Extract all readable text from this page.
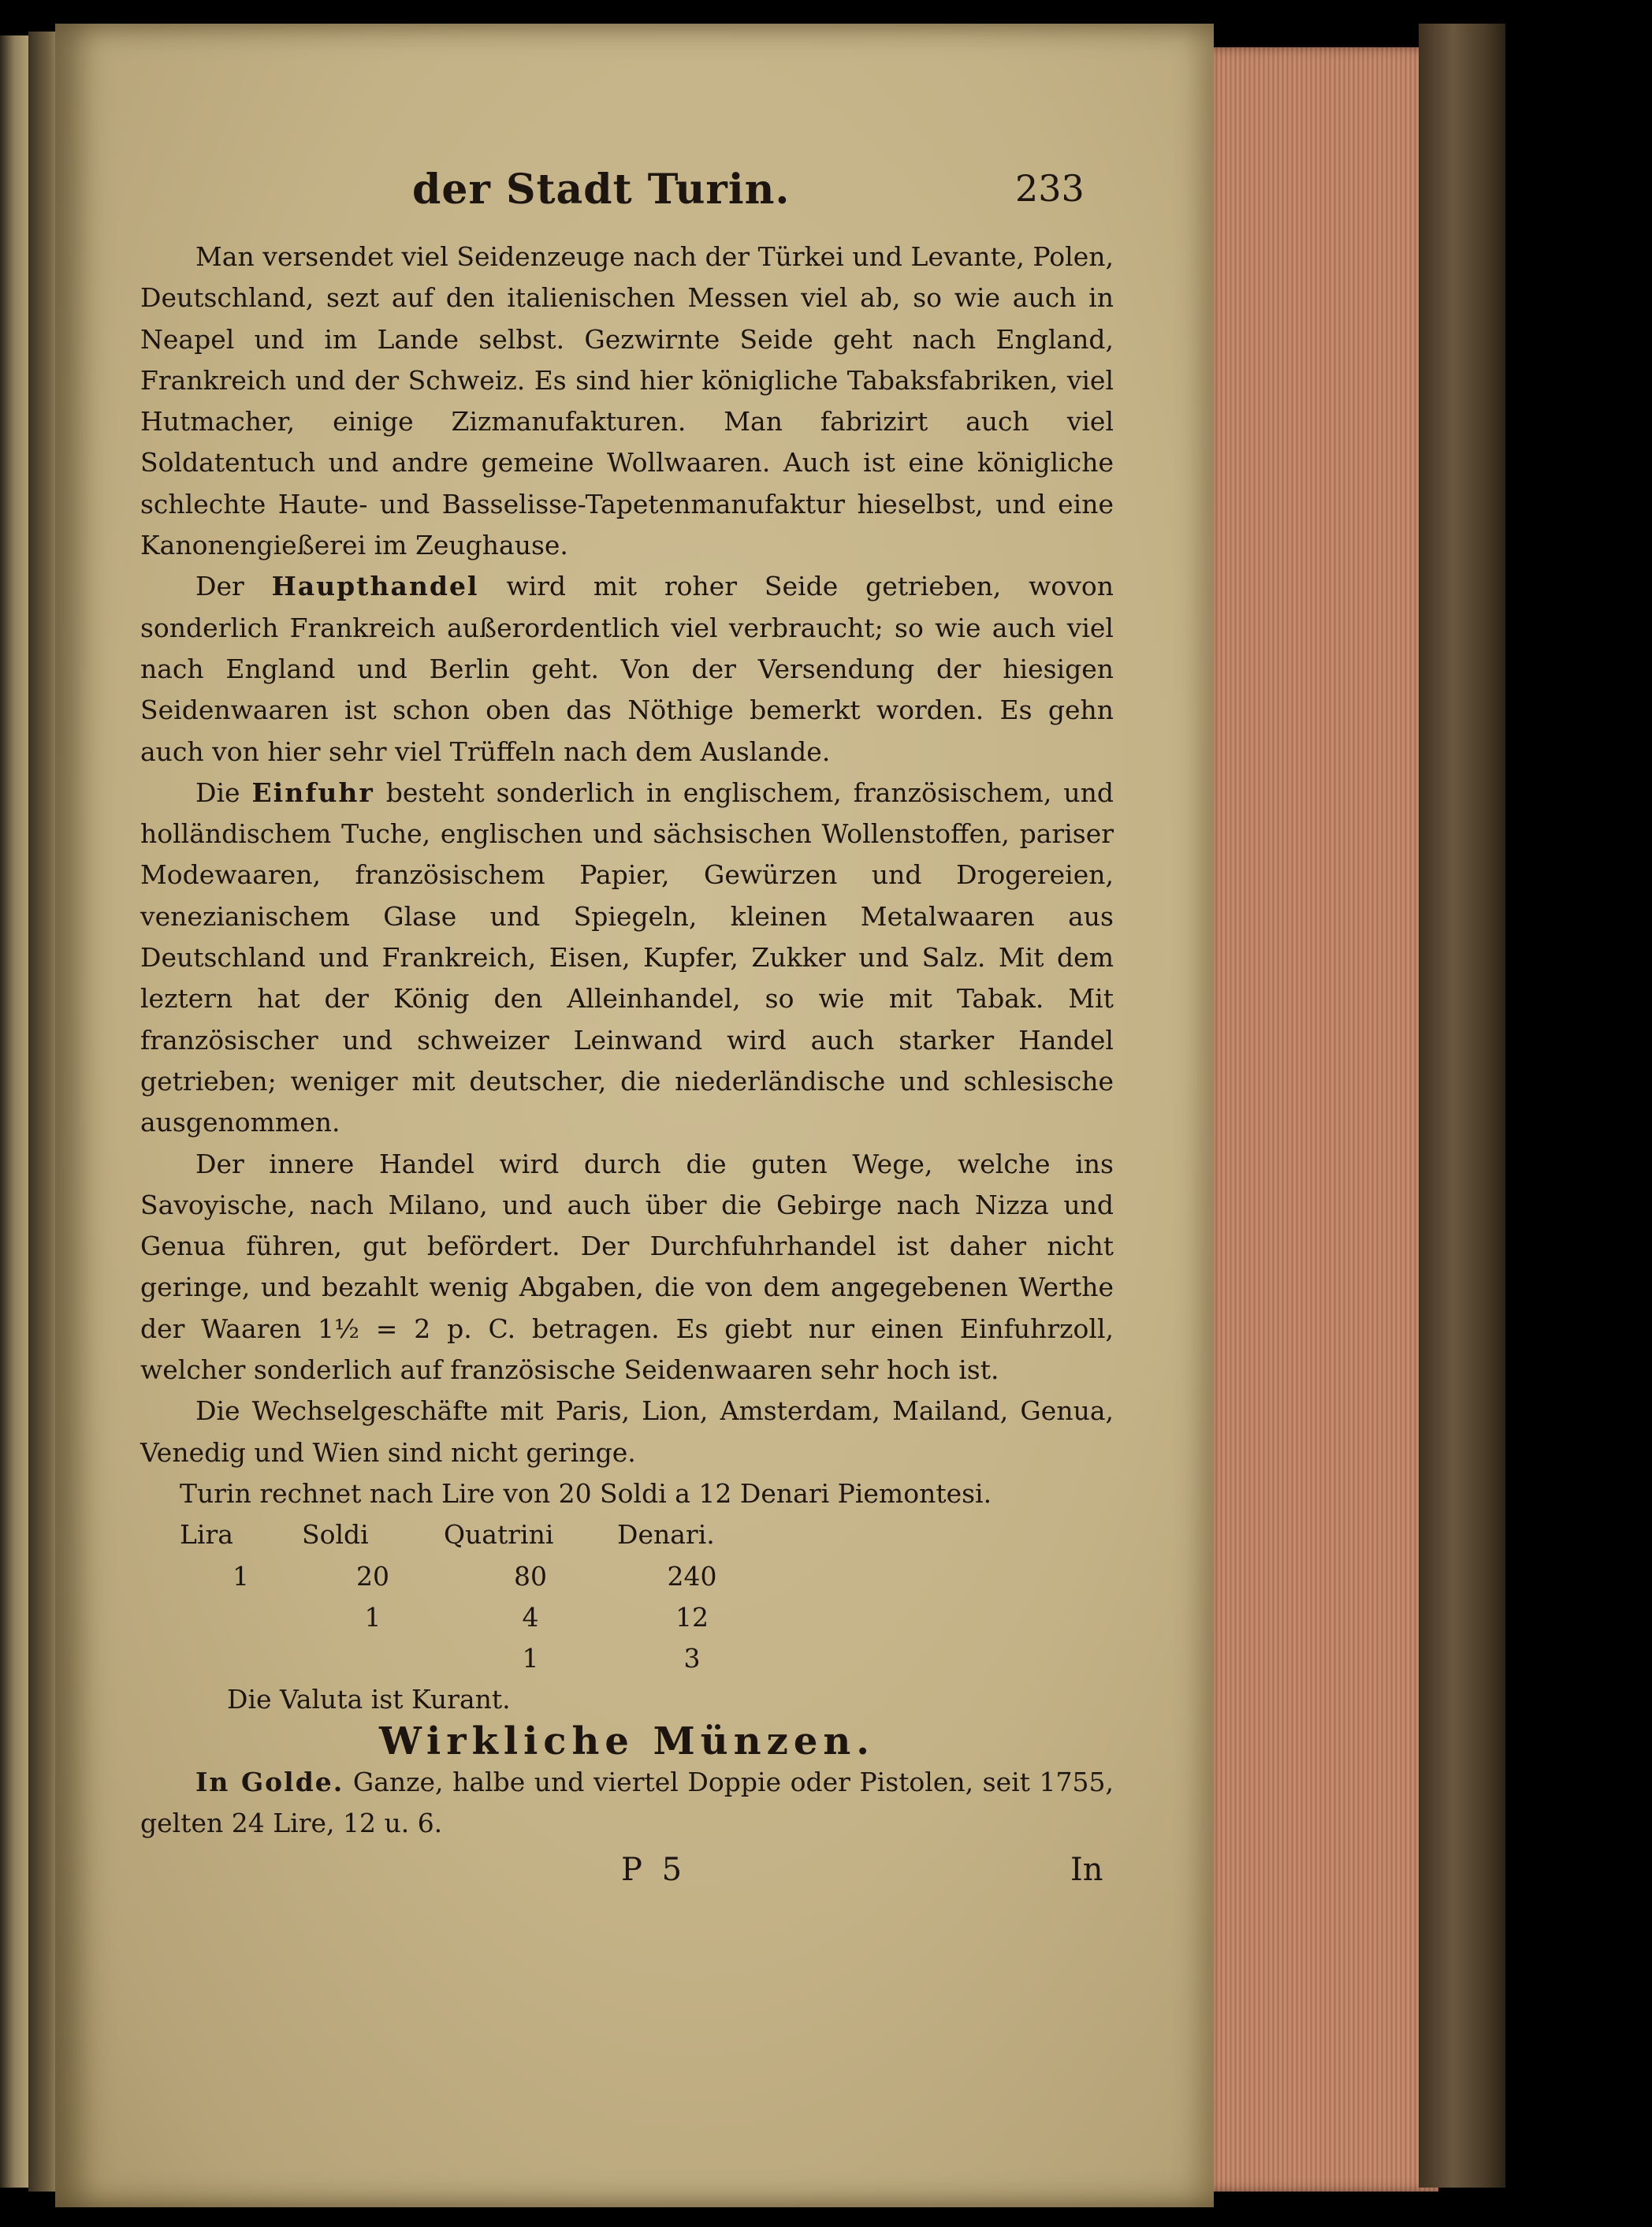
der Stadt Turin.	233

Man versendet viel Seidenzeuge nach der Türkei und Levante, Polen, Deutschland, sezt auf den italienischen Messen viel ab, so wie auch in Neapel und im Lande selbst. Gezwirnte Seide geht nach England, Frankreich und der Schweiz. Es sind hier königliche Tabaksfabriken, viel Hutmacher, einige Zizmanufakturen. Man fabrizirt auch viel Soldatentuch und andre gemeine Wollwaaren. Auch ist eine königliche schlechte Haute- und Basselisse-Tapetenmanufaktur hieselbst, und eine Kanonengießerei im Zeughause.

Der Haupthandel wird mit roher Seide getrieben, wovon sonderlich Frankreich außerordentlich viel verbraucht; so wie auch viel nach England und Berlin geht. Von der Versendung der hiesigen Seidenwaaren ist schon oben das Nöthige bemerkt worden. Es gehn auch von hier sehr viel Trüffeln nach dem Auslande.

Die Einfuhr besteht sonderlich in englischem, französischem, und holländischem Tuche, englischen und sächsischen Wollenstoffen, pariser Modewaaren, französischem Papier, Gewürzen und Drogereien, venezianischem Glase und Spiegeln, kleinen Metalwaaren aus Deutschland und Frankreich, Eisen, Kupfer, Zukker und Salz. Mit dem leztern hat der König den Alleinhandel, so wie mit Tabak. Mit französischer und schweizer Leinwand wird auch starker Handel getrieben; weniger mit deutscher, die niederländische und schlesische ausgenommen.

Der innere Handel wird durch die guten Wege, welche ins Savoyische, nach Milano, und auch über die Gebirge nach Nizza und Genua führen, gut befördert. Der Durchfuhrhandel ist daher nicht geringe, und bezahlt wenig Abgaben, die von dem angegebenen Werthe der Waaren 1½ = 2 p. C. betragen. Es giebt nur einen Einfuhrzoll, welcher sonderlich auf französische Seidenwaaren sehr hoch ist.

Die Wechselgeschäfte mit Paris, Lion, Amsterdam, Mailand, Genua, Venedig und Wien sind nicht geringe.

Turin rechnet nach Lire von 20 Soldi a 12 Denari Piemontesi.

Lira	Soldi	Quatrini	Denari.
1	20	80	240
	1	4	12
		1	3

Die Valuta ist Kurant.

Wirkliche Münzen.

In Golde. Ganze, halbe und viertel Doppie oder Pistolen, seit 1755, gelten 24 Lire, 12 u. 6.

P 5	In
